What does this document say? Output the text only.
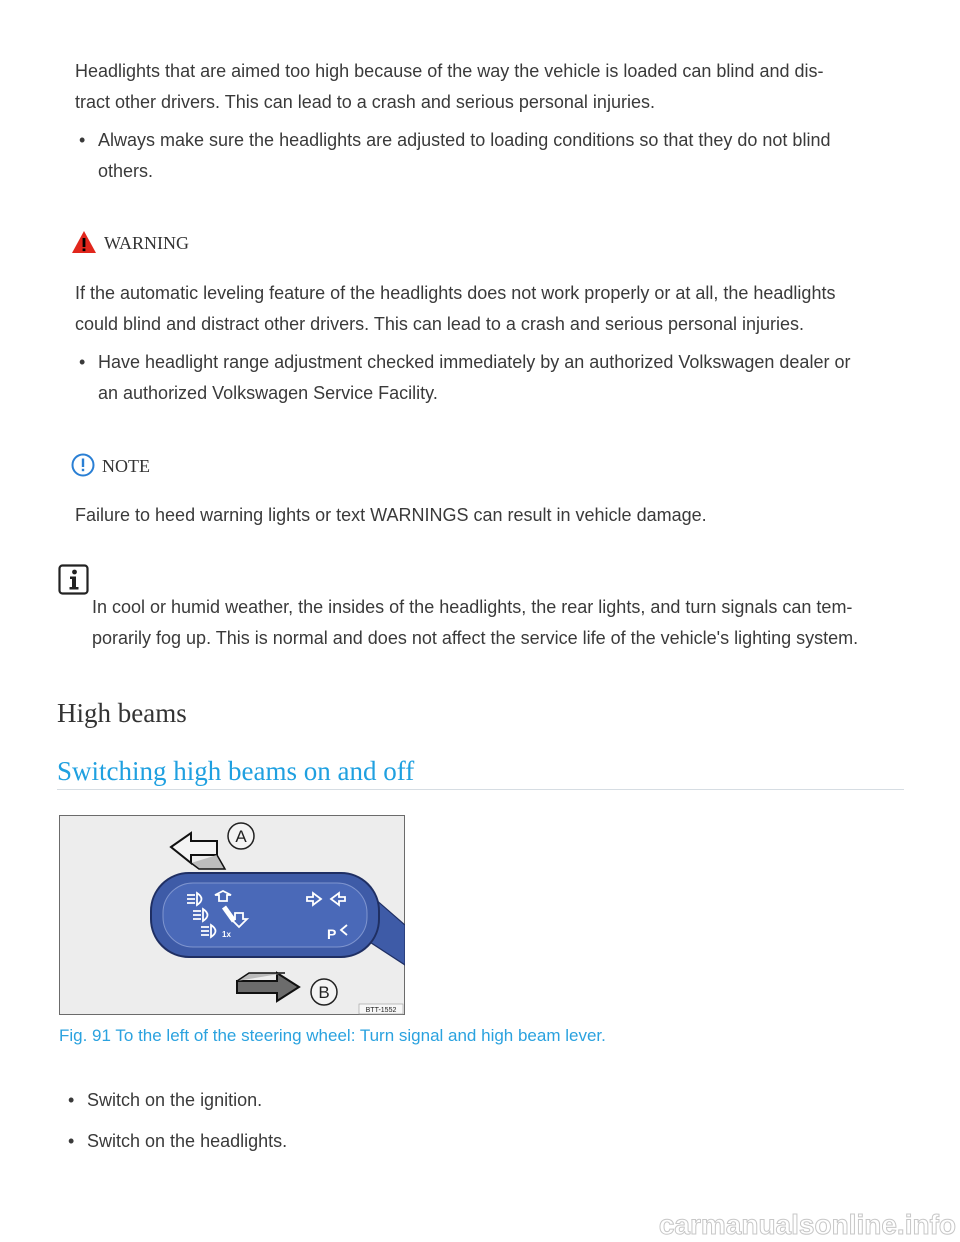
Headlights that are aimed too high because of the way the vehicle is loaded can blind and dis-
tract other drivers. This can lead to a crash and serious personal injuries.

• Always make sure the headlights are adjusted to loading conditions so that they do not blind
others.
WARNING

If the automatic leveling feature of the headlights does not work properly or at all, the headlights
could blind and distract other drivers. This can lead to a crash and serious personal injuries.

• Have headlight range adjustment checked immediately by an authorized Volkswagen dealer or
an authorized Volkswagen Service Facility.
NOTE

Failure to heed warning lights or text WARNINGS can result in vehicle damage.

In cool or humid weather, the insides of the headlights, the rear lights, and turn signals can tem-
porarily fog up. This is normal and does not affect the service life of the vehicle's lighting system.

High beams
Switching high beams on and off
1x	P
A
B
BTT-1552
Fig. 91 To the left of the steering wheel: Turn signal and high beam lever.
• Switch on the ignition.
• Switch on the headlights.
carmanualsonline.info
